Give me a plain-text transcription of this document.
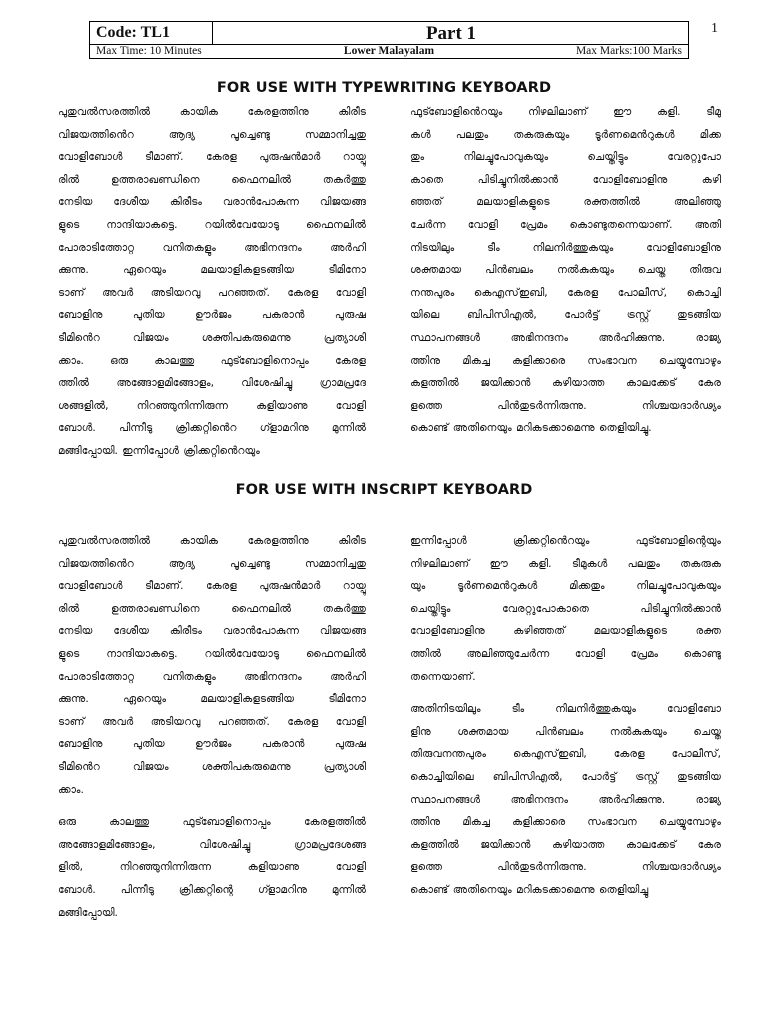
Code: TL1	Part 1
Max Time: 10 Minutes	Lower Malayalam	Max Marks:100 Marks
1
FOR USE WITH TYPEWRITING KEYBOARD
പുതുവൽസരത്തിൽ കായിക കേരളത്തിനു കിരീട
വിജയത്തിൻെറ ആദ്യ പൂച്ചെണ്ടു സമ്മാനിച്ചതു
വോളിബോൾ ടീമാണ്. കേരള പുരുഷൻമാർ റായ്പൂ
രിൽ ഉത്തരാഖണ്ഡിനെ ഫൈനലിൽ തകർത്തു
നേടിയ ദേശീയ കിരീടം വരാൻപോകുന്ന വിജയങ്ങ
ളുടെ നാന്ദിയാകട്ടെ. റയിൽവേയോടു ഫൈനലിൽ
പോരാടിത്തോറ്റ വനിതകളും അഭിനന്ദനം അർഹി
ക്കുന്നു. ഏറെയും മലയാളികളടങ്ങിയ ടീമിനോ
ടാണ് അവർ അടിയറവു പറഞ്ഞത്. കേരള വോളി
ബോളിനു പുതിയ ഊർജം പകരാൻ പുരുഷ
ടീമിൻെറ വിജയം ശക്തിപകരുമെന്നു പ്രത്യാശി
ക്കാം. ഒരു കാലത്തു ഫുട്ബോളിനൊപ്പം കേരള
ത്തിൽ അങ്ങോളമിങ്ങോളം, വിശേഷിച്ചു ഗ്രാമപ്രദേ
ശങ്ങളിൽ, നിറഞ്ഞുനിന്നിരുന്ന കളിയാണു വോളി
ബോൾ. പിന്നീടു ക്രിക്കറ്റിൻെറ ഗ്ളാമറിനു മുന്നിൽ
മങ്ങിപ്പോയി. ഇന്നിപ്പോൾ ക്രിക്കറ്റിൻെറയും
ഫുട്ബോളിൻെറയും നിഴലിലാണ് ഈ കളി. ടീമു
കൾ പലതും തകരുകയും ടൂർണമെൻറുകൾ മിക്ക
തും നിലച്ചുപോവുകയും ചെയ്തിട്ടും വേരറ്റുപോ
കാതെ പിടിച്ചുനിൽക്കാൻ വോളിബോളിനു കഴി
ഞ്ഞത് മലയാളികളുടെ രക്തത്തിൽ അലിഞ്ഞു
ചേർന്ന വോളി പ്രേമം കൊണ്ടുതന്നെയാണ്. അതി
നിടയിലും ടീം നിലനിർത്തുകയും വോളിബോളിനു
ശക്തമായ പിൻബലം നൽകുകയും ചെയ്ത തിരുവ
നന്തപുരം കെഎസ്ഇബി, കേരള പോലീസ്, കൊച്ചി
യിലെ ബിപിസിഎൽ, പോർട്ട് ട്രസ്റ്റ് തുടങ്ങിയ
സ്ഥാപനങ്ങൾ അഭിനന്ദനം അർഹിക്കുന്നു. രാജ്യ
ത്തിനു മികച്ച കളിക്കാരെ സംഭാവന ചെയ്യുമ്പോഴും
കളത്തിൽ ജയിക്കാൻ കഴിയാത്ത കാലക്കേട് കേര
ളത്തെ പിൻതുടർന്നിരുന്നു. നിശ്ചയദാർഢ്യം
കൊണ്ട് അതിനെയും മറികടക്കാമെന്നു തെളിയിച്ചു.
FOR USE WITH INSCRIPT KEYBOARD
പുതുവൽസരത്തിൽ കായിക കേരളത്തിനു കിരീട
വിജയത്തിൻെറ ആദ്യ പൂച്ചെണ്ടു സമ്മാനിച്ചതു
വോളിബോൾ ടീമാണ്. കേരള പുരുഷൻമാർ റായ്പൂ
രിൽ ഉത്തരാഖണ്ഡിനെ ഫൈനലിൽ തകർത്തു
നേടിയ ദേശീയ കിരീടം വരാൻപോകുന്ന വിജയങ്ങ
ളുടെ നാന്ദിയാകട്ടെ. റയിൽവേയോടു ഫൈനലിൽ
പോരാടിത്തോറ്റ വനിതകളും അഭിനന്ദനം അർഹി
ക്കുന്നു. ഏറെയും മലയാളികളടങ്ങിയ ടീമിനോ
ടാണ് അവർ അടിയറവു പറഞ്ഞത്. കേരള വോളി
ബോളിനു പുതിയ ഊർജം പകരാൻ പുരുഷ
ടീമിൻെറ വിജയം ശക്തിപകരുമെന്നു പ്രത്യാശി
ക്കാം.
ഒരു കാലത്തു ഫുട്ബോളിനൊപ്പം കേരളത്തിൽ
അങ്ങോളമിങ്ങോളം, വിശേഷിച്ചു ഗ്രാമപ്രദേശങ്ങ
ളിൽ, നിറഞ്ഞുനിന്നിരുന്ന കളിയാണു വോളി
ബോൾ. പിന്നീടു ക്രിക്കറ്റിന്റെ ഗ്ളാമറിനു മുന്നിൽ
മങ്ങിപ്പോയി.
ഇന്നിപ്പോൾ ക്രിക്കറ്റിൻെറയും ഫുട്ബോളിന്റെയും
നിഴലിലാണ് ഈ കളി. ടീമുകൾ പലതും തകരുക
യും ടൂർണമെൻറുകൾ മിക്കതും നിലച്ചുപോവുകയും
ചെയ്തിട്ടും വേരറ്റുപോകാതെ പിടിച്ചുനിൽക്കാൻ
വോളിബോളിനു കഴിഞ്ഞത് മലയാളികളുടെ രക്ത
ത്തിൽ അലിഞ്ഞുചേർന്ന വോളി പ്രേമം കൊണ്ടു
തന്നെയാണ്.
അതിനിടയിലും ടീം നിലനിർത്തുകയും വോളിബോ
ളിനു ശക്തമായ പിൻബലം നൽകുകയും ചെയ്ത
തിരുവനന്തപുരം കെഎസ്ഇബി, കേരള പോലീസ്,
കൊച്ചിയിലെ ബിപിസിഎൽ, പോർട്ട് ട്രസ്റ്റ് തുടങ്ങിയ
സ്ഥാപനങ്ങൾ അഭിനന്ദനം അർഹിക്കുന്നു. രാജ്യ
ത്തിനു മികച്ച കളിക്കാരെ സംഭാവന ചെയ്യുമ്പോഴും
കളത്തിൽ ജയിക്കാൻ കഴിയാത്ത കാലക്കേട് കേര
ളത്തെ പിൻതുടർന്നിരുന്നു. നിശ്ചയദാർഢ്യം
കൊണ്ട് അതിനെയും മറികടക്കാമെന്നു തെളിയിച്ചു
